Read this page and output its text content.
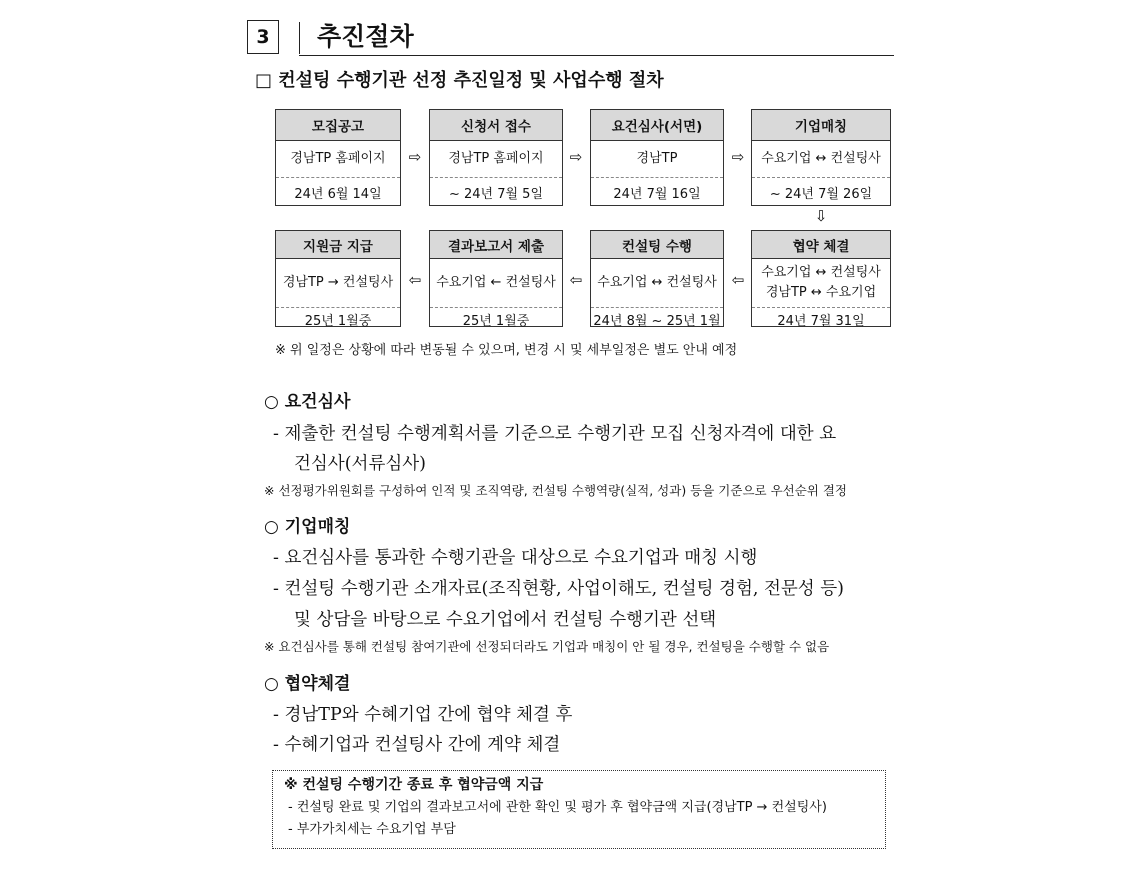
3	추진절차
□ 컨설팅 수행기관 선정 추진일정 및 사업수행 절차
모집공고
경남TP 홈페이지
24년 6월 14일
⇨
신청서 접수
경남TP 홈페이지
~ 24년 7월 5일
⇨
요건심사(서면)
경남TP
24년 7월 16일
⇨
기업매칭
수요기업 ↔ 컨설팅사
~ 24년 7월 26일
⇩
지원금 지급
경남TP → 컨설팅사
25년 1월중
⇦
결과보고서 제출
수요기업 ← 컨설팅사
25년 1월중
⇦
컨설팅 수행
수요기업 ↔ 컨설팅사
24년 8월 ~ 25년 1월
⇦
협약 체결
수요기업 ↔ 컨설팅사
경남TP ↔ 수요기업
24년 7월 31일
※ 위 일정은 상황에 따라 변동될 수 있으며, 변경 시 및 세부일정은 별도 안내 예정
○ 요건심사
- 제출한 컨설팅 수행계획서를 기준으로 수행기관 모집 신청자격에 대한 요
건심사(서류심사)
※ 선정평가위원회를 구성하여 인적 및 조직역량, 컨설팅 수행역량(실적, 성과) 등을 기준으로 우선순위 결정
○ 기업매칭
- 요건심사를 통과한 수행기관을 대상으로 수요기업과 매칭 시행
- 컨설팅 수행기관 소개자료(조직현황, 사업이해도, 컨설팅 경험, 전문성 등)
및 상담을 바탕으로 수요기업에서 컨설팅 수행기관 선택
※ 요건심사를 통해 컨설팅 참여기관에 선정되더라도 기업과 매칭이 안 될 경우, 컨설팅을 수행할 수 없음
○ 협약체결
- 경남TP와 수혜기업 간에 협약 체결 후
- 수혜기업과 컨설팅사 간에 계약 체결
※ 컨설팅 수행기간 종료 후 협약금액 지급
- 컨설팅 완료 및 기업의 결과보고서에 관한 확인 및 평가 후 협약금액 지급(경남TP → 컨설팅사)
- 부가가치세는 수요기업 부담
